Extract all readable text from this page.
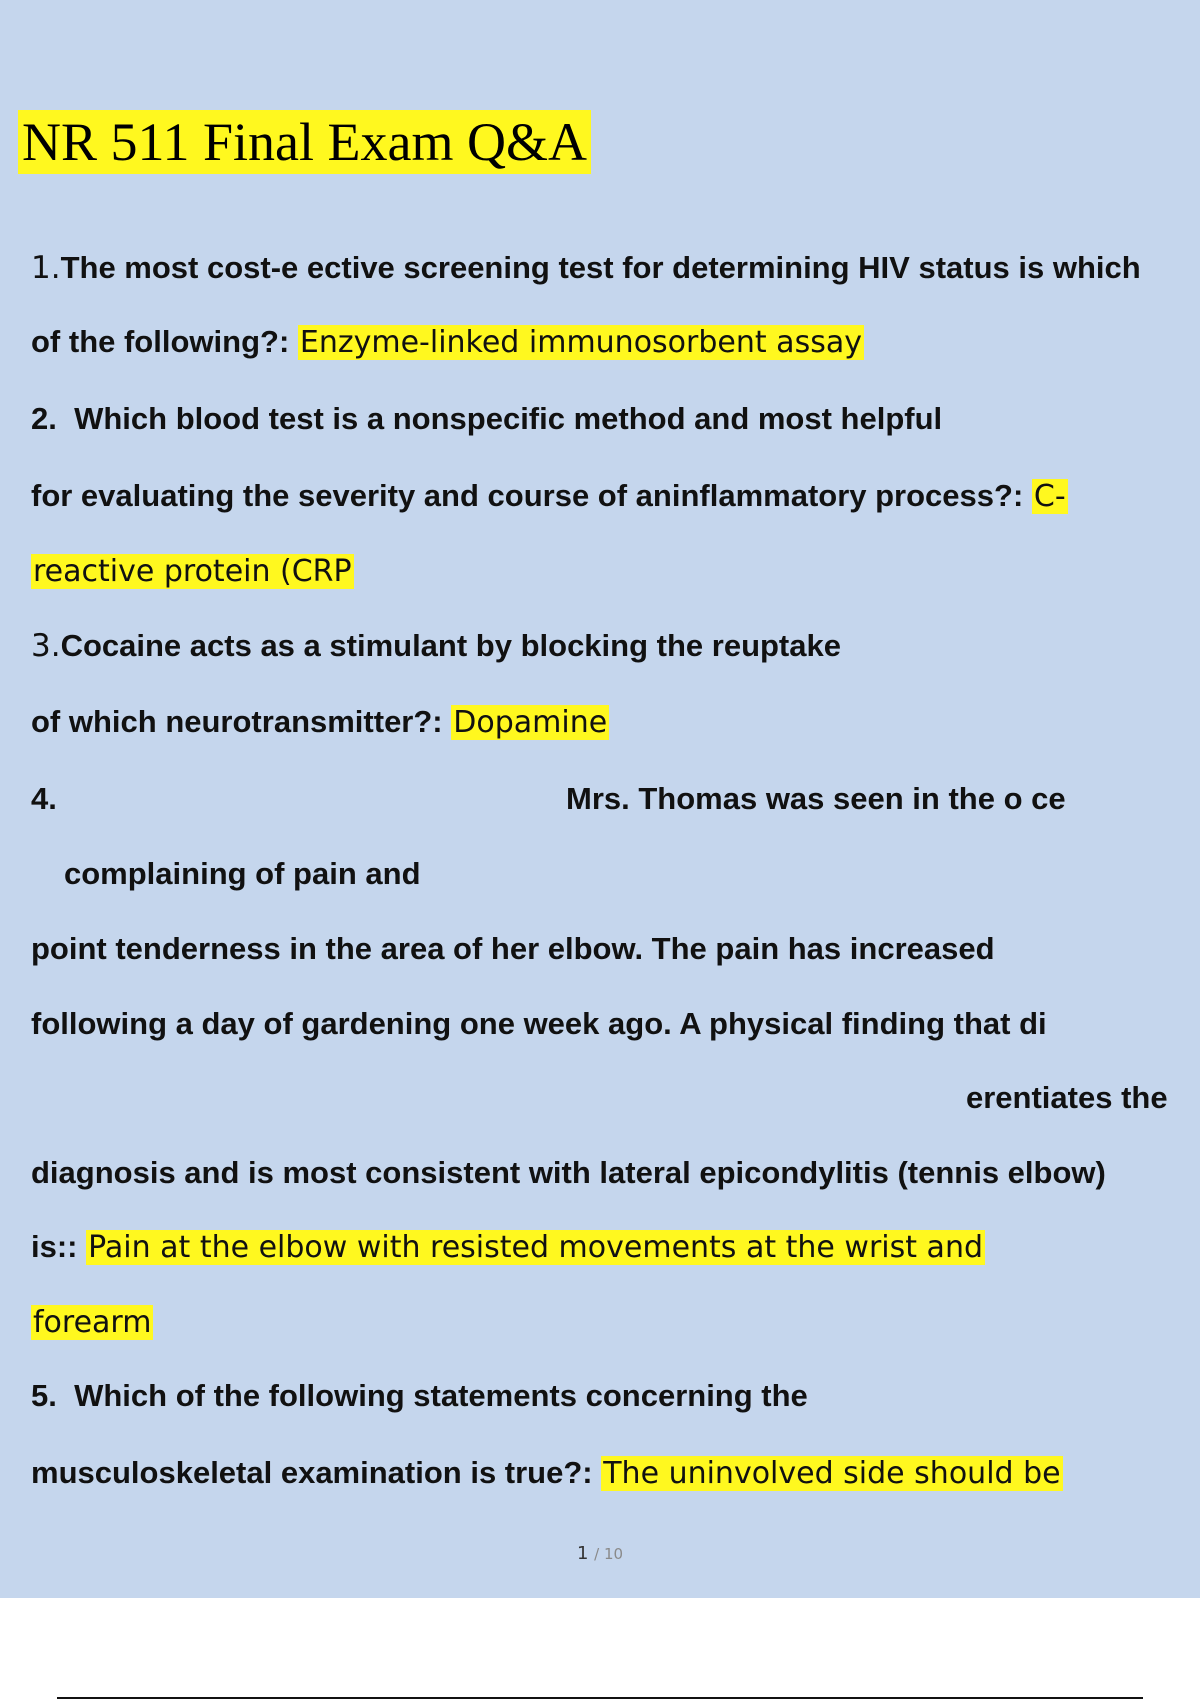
NR 511 Final Exam Q&A
1.The most cost-e ective screening test for determining HIV status is which
of the following?: Enzyme-linked immunosorbent assay
2. Which blood test is a nonspecific method and most helpful
for evaluating the severity and course of aninflammatory process?: C-
reactive protein (CRP
3.Cocaine acts as a stimulant by blocking the reuptake
of which neurotransmitter?: Dopamine
4.	Mrs. Thomas was seen in the o ce
complaining of pain and
point tenderness in the area of her elbow. The pain has increased
following a day of gardening one week ago. A physical finding that di
erentiates the
diagnosis and is most consistent with lateral epicondylitis (tennis elbow)
is:: Pain at the elbow with resisted movements at the wrist and
forearm
5. Which of the following statements concerning the
musculoskeletal examination is true?: The uninvolved side should be
1 / 10
